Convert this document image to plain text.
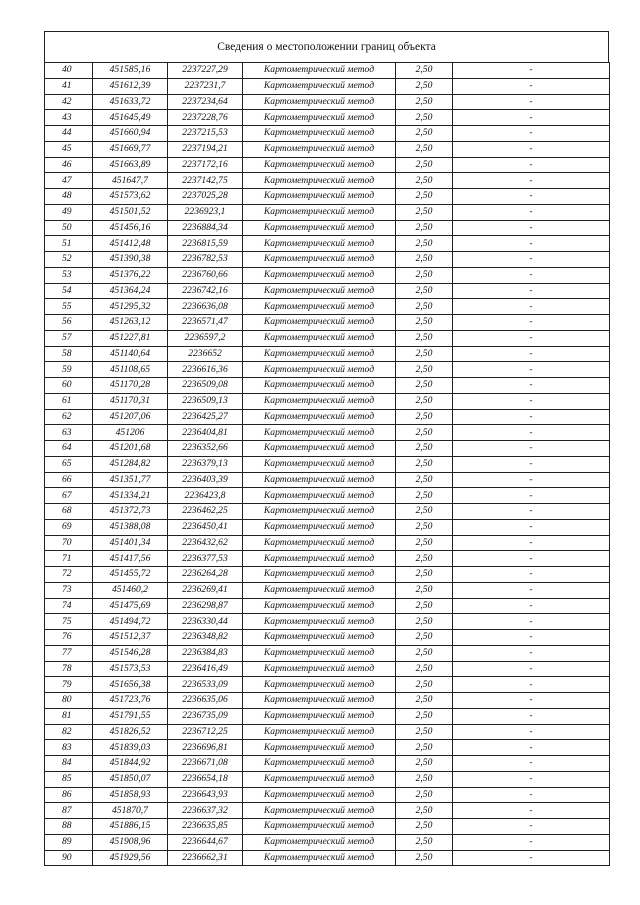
Сведения о местоположении границ объекта
40	451585,16	2237227,29	Картометрический метод	2,50	-
41	451612,39	2237231,7	Картометрический метод	2,50	-
42	451633,72	2237234,64	Картометрический метод	2,50	-
43	451645,49	2237228,76	Картометрический метод	2,50	-
44	451660,94	2237215,53	Картометрический метод	2,50	-
45	451669,77	2237194,21	Картометрический метод	2,50	-
46	451663,89	2237172,16	Картометрический метод	2,50	-
47	451647,7	2237142,75	Картометрический метод	2,50	-
48	451573,62	2237025,28	Картометрический метод	2,50	-
49	451501,52	2236923,1	Картометрический метод	2,50	-
50	451456,16	2236884,34	Картометрический метод	2,50	-
51	451412,48	2236815,59	Картометрический метод	2,50	-
52	451390,38	2236782,53	Картометрический метод	2,50	-
53	451376,22	2236760,66	Картометрический метод	2,50	-
54	451364,24	2236742,16	Картометрический метод	2,50	-
55	451295,32	2236636,08	Картометрический метод	2,50	-
56	451263,12	2236571,47	Картометрический метод	2,50	-
57	451227,81	2236597,2	Картометрический метод	2,50	-
58	451140,64	2236652	Картометрический метод	2,50	-
59	451108,65	2236616,36	Картометрический метод	2,50	-
60	451170,28	2236509,08	Картометрический метод	2,50	-
61	451170,31	2236509,13	Картометрический метод	2,50	-
62	451207,06	2236425,27	Картометрический метод	2,50	-
63	451206	2236404,81	Картометрический метод	2,50	-
64	451201,68	2236352,66	Картометрический метод	2,50	-
65	451284,82	2236379,13	Картометрический метод	2,50	-
66	451351,77	2236403,39	Картометрический метод	2,50	-
67	451334,21	2236423,8	Картометрический метод	2,50	-
68	451372,73	2236462,25	Картометрический метод	2,50	-
69	451388,08	2236450,41	Картометрический метод	2,50	-
70	451401,34	2236432,62	Картометрический метод	2,50	-
71	451417,56	2236377,53	Картометрический метод	2,50	-
72	451455,72	2236264,28	Картометрический метод	2,50	-
73	451460,2	2236269,41	Картометрический метод	2,50	-
74	451475,69	2236298,87	Картометрический метод	2,50	-
75	451494,72	2236330,44	Картометрический метод	2,50	-
76	451512,37	2236348,82	Картометрический метод	2,50	-
77	451546,28	2236384,83	Картометрический метод	2,50	-
78	451573,53	2236416,49	Картометрический метод	2,50	-
79	451656,38	2236533,09	Картометрический метод	2,50	-
80	451723,76	2236635,06	Картометрический метод	2,50	-
81	451791,55	2236735,09	Картометрический метод	2,50	-
82	451826,52	2236712,25	Картометрический метод	2,50	-
83	451839,03	2236696,81	Картометрический метод	2,50	-
84	451844,92	2236671,08	Картометрический метод	2,50	-
85	451850,07	2236654,18	Картометрический метод	2,50	-
86	451858,93	2236643,93	Картометрический метод	2,50	-
87	451870,7	2236637,32	Картометрический метод	2,50	-
88	451886,15	2236635,85	Картометрический метод	2,50	-
89	451908,96	2236644,67	Картометрический метод	2,50	-
90	451929,56	2236662,31	Картометрический метод	2,50	-
